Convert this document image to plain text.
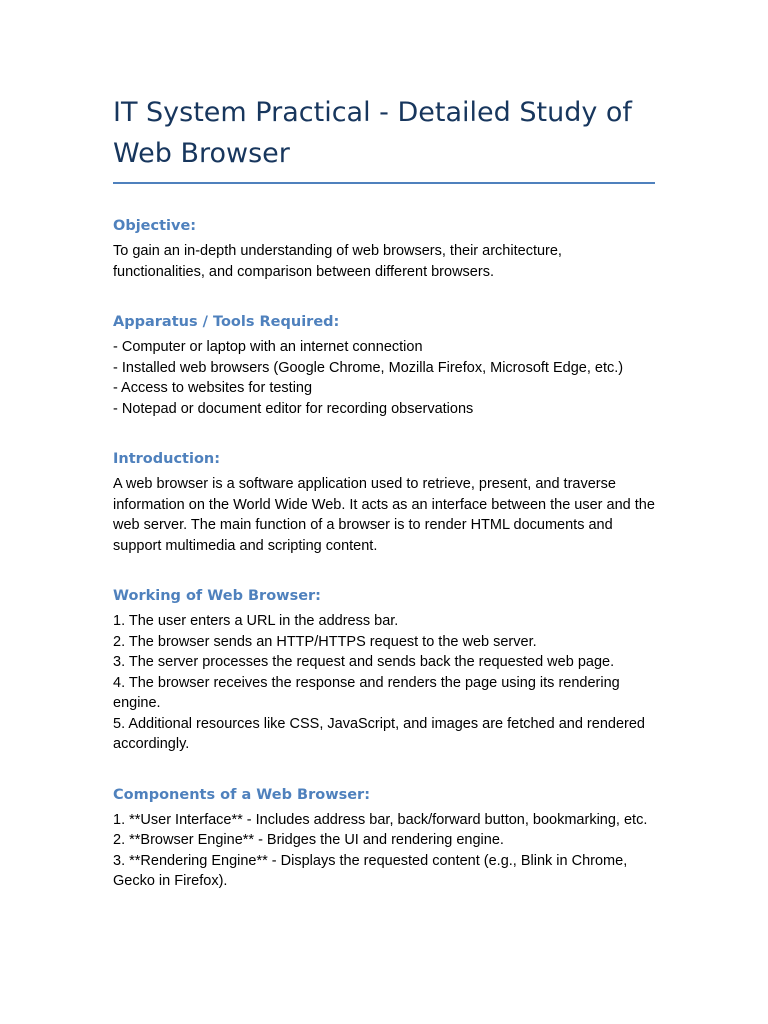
IT System Practical - Detailed Study of Web Browser
Objective:

To gain an in-depth understanding of web browsers, their architecture, functionalities, and comparison between different browsers.

Apparatus / Tools Required:

- Computer or laptop with an internet connection
- Installed web browsers (Google Chrome, Mozilla Firefox, Microsoft Edge, etc.)
- Access to websites for testing
- Notepad or document editor for recording observations

Introduction:

A web browser is a software application used to retrieve, present, and traverse information on the World Wide Web. It acts as an interface between the user and the web server. The main function of a browser is to render HTML documents and support multimedia and scripting content.

Working of Web Browser:

1. The user enters a URL in the address bar.
2. The browser sends an HTTP/HTTPS request to the web server.
3. The server processes the request and sends back the requested web page.
4. The browser receives the response and renders the page using its rendering engine.
5. Additional resources like CSS, JavaScript, and images are fetched and rendered accordingly.

Components of a Web Browser:

1. **User Interface** - Includes address bar, back/forward button, bookmarking, etc.
2. **Browser Engine** - Bridges the UI and rendering engine.
3. **Rendering Engine** - Displays the requested content (e.g., Blink in Chrome, Gecko in Firefox).
